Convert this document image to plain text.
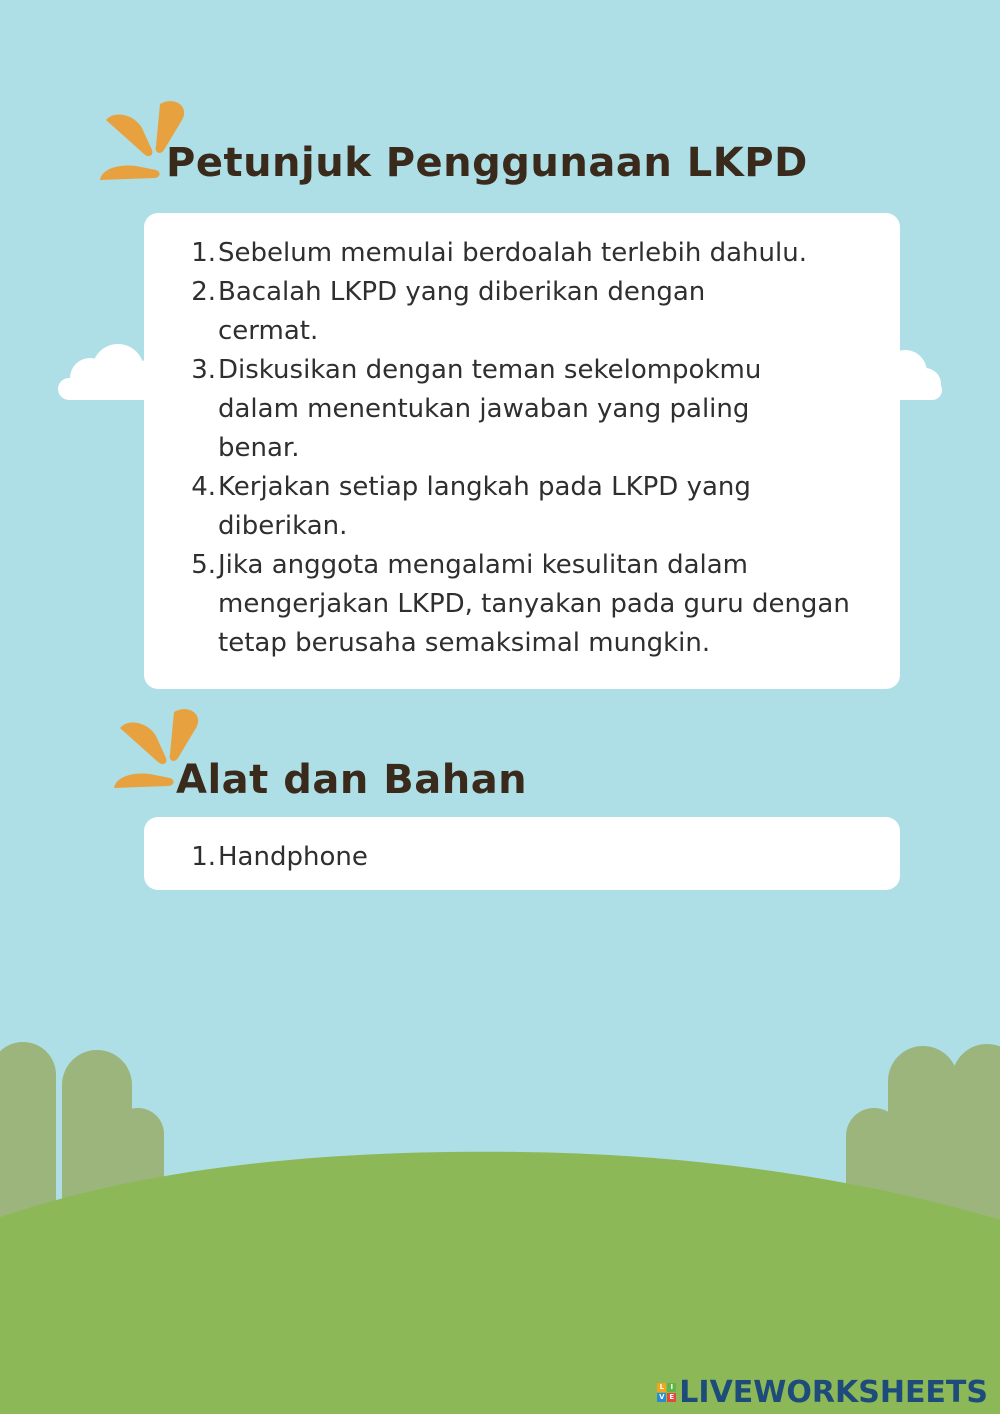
Petunjuk Penggunaan LKPD
1. Sebelum memulai berdoalah terlebih dahulu.
2. Bacalah LKPD yang diberikan dengan cermat.
3. Diskusikan dengan teman sekelompokmu dalam menentukan jawaban yang paling benar.
4. Kerjakan setiap langkah pada LKPD yang diberikan.
5. Jika anggota mengalami kesulitan dalam mengerjakan LKPD, tanyakan pada guru dengan tetap berusaha semaksimal mungkin.
Alat dan Bahan
1. Handphone
L I
V E LIVEWORKSHEETS
